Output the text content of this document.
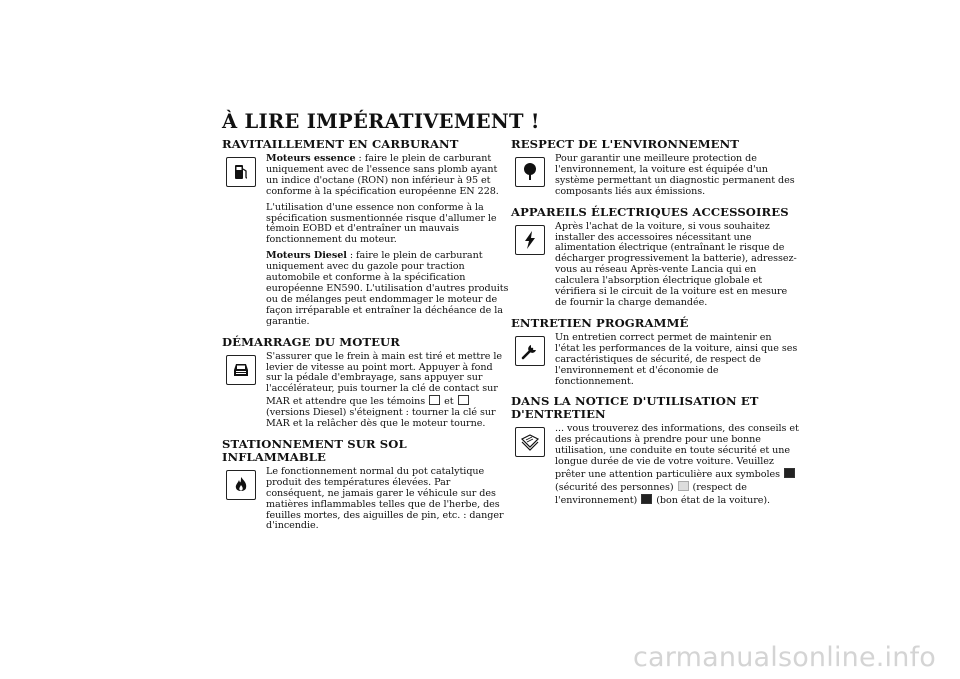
À LIRE IMPÉRATIVEMENT !
RAVITAILLEMENT EN CARBURANT

Moteurs essence : faire le plein de carburant uniquement avec de l'essence sans plomb ayant un indice d'octane (RON) non inférieur à 95 et conforme à la spécification européenne EN 228.

L'utilisation d'une essence non conforme à la spécification susmentionnée risque d'allumer le témoin EOBD et d'entraîner un mauvais fonctionnement du moteur.

Moteurs Diesel : faire le plein de carburant uniquement avec du gazole pour traction automobile et conforme à la spécification européenne EN590. L'utilisation d'autres produits ou de mélanges peut endommager le moteur de façon irréparable et entraîner la déchéance de la garantie.

DÉMARRAGE DU MOTEUR

S'assurer que le frein à main est tiré et mettre le levier de vitesse au point mort. Appuyer à fond sur la pédale d'embrayage, sans appuyer sur l'accélérateur, puis tourner la clé de contact sur MAR et attendre que les témoins  et  (versions Diesel) s'éteignent : tourner la clé sur MAR et la relâcher dès que le moteur tourne.

STATIONNEMENT SUR SOL INFLAMMABLE

Le fonctionnement normal du pot catalytique produit des températures élevées. Par conséquent, ne jamais garer le véhicule sur des matières inflammables telles que de l'herbe, des feuilles mortes, des aiguilles de pin, etc. : danger d'incendie.

RESPECT DE L'ENVIRONNEMENT

Pour garantir une meilleure protection de l'environnement, la voiture est équipée d'un système permettant un diagnostic permanent des composants liés aux émissions.

APPAREILS ÉLECTRIQUES ACCESSOIRES

Après l'achat de la voiture, si vous souhaitez installer des accessoires nécessitant une alimentation électrique (entraînant le risque de décharger progressivement la batterie), adressez-vous au réseau Après-vente Lancia qui en calculera l'absorption électrique globale et vérifiera si le circuit de la voiture est en mesure de fournir la charge demandée.

ENTRETIEN PROGRAMMÉ

Un entretien correct permet de maintenir en l'état les performances de la voiture, ainsi que ses caractéristiques de sécurité, de respect de l'environnement et d'économie de fonctionnement.

DANS LA NOTICE D'UTILISATION ET D'ENTRETIEN

... vous trouverez des informations, des conseils et des précautions à prendre pour une bonne utilisation, une conduite en toute sécurité et une longue durée de vie de votre voiture. Veuillez prêter une attention particulière aux symboles  (sécurité des personnes)  (respect de l'environnement)  (bon état de la voiture).

carmanualsonline.info
